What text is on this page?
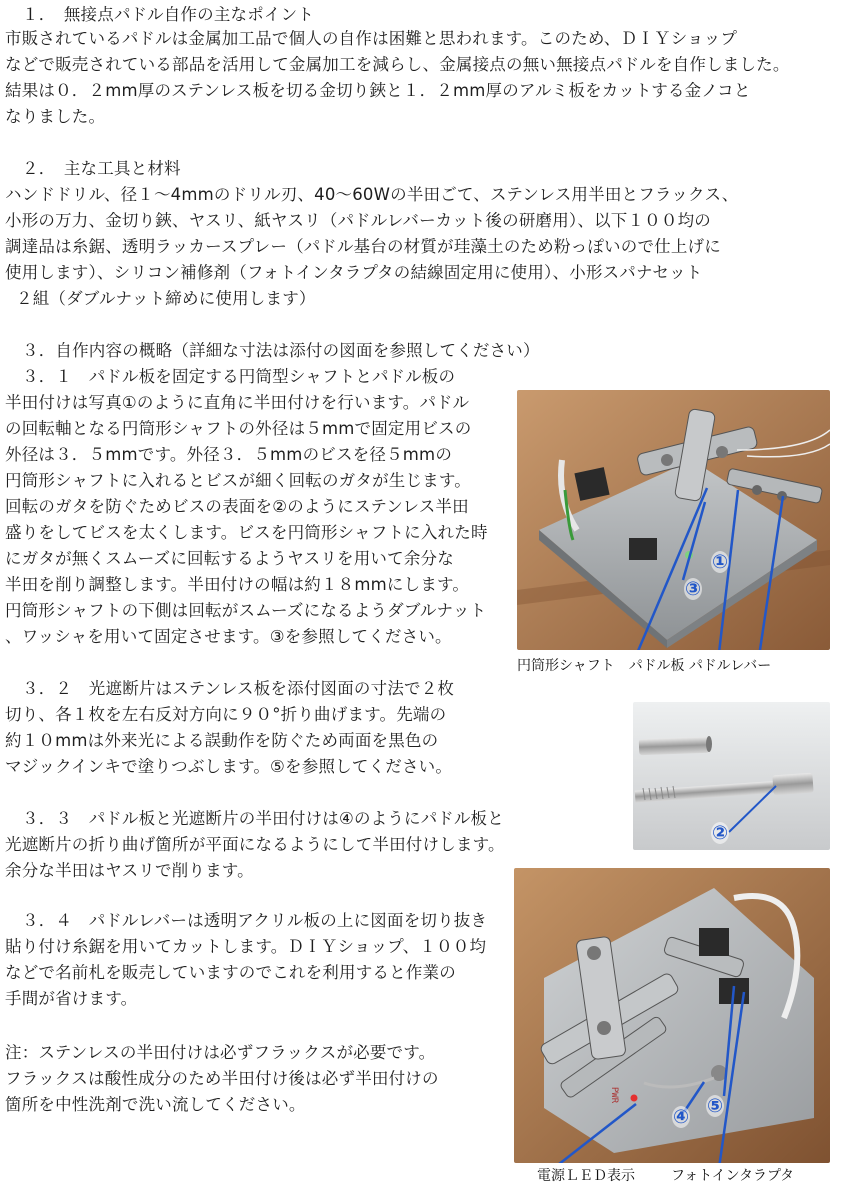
１．　無接点パドル自作の主なポイント
市販されているパドルは金属加工品で個人の自作は困難と思われます。このため、ＤＩＹショップ
などで販売されている部品を活用して金属加工を減らし、金属接点の無い無接点パドルを自作しました。
結果は０．２mm厚のステンレス板を切る金切り鋏と１．２mm厚のアルミ板をカットする金ノコと
なりました。
２．　主な工具と材料
ハンドドリル、径１～4mmのドリル刃、40～60Wの半田ごて、ステンレス用半田とフラックス、
小形の万力、金切り鋏、ヤスリ、紙ヤスリ（パドルレバーカット後の研磨用）、以下１００均の
調達品は糸鋸、透明ラッカースプレー（パドル基台の材質が珪藻土のため粉っぽいので仕上げに
使用します）、シリコン補修剤（フォトインタラプタの結線固定用に使用）、小形スパナセット
２組（ダブルナット締めに使用します）
３．自作内容の概略（詳細な寸法は添付の図面を参照してください）
３．１　パドル板を固定する円筒型シャフトとパドル板の
半田付けは写真①のように直角に半田付けを行います。パドル
の回転軸となる円筒形シャフトの外径は５mmで固定用ビスの
外径は３．５mmです。外径３．５mmのビスを径５mmの
円筒形シャフトに入れるとビスが細く回転のガタが生じます。
回転のガタを防ぐためビスの表面を②のようにステンレス半田
盛りをしてビスを太くします。ビスを円筒形シャフトに入れた時
にガタが無くスムーズに回転するようヤスリを用いて余分な
半田を削り調整します。半田付けの幅は約１８mmにします。
円筒形シャフトの下側は回転がスムーズになるようダブルナット
、ワッシャを用いて固定させます。③を参照してください。
３．２　光遮断片はステンレス板を添付図面の寸法で２枚
切り、各１枚を左右反対方向に９０°折り曲げます。先端の
約１０mmは外来光による誤動作を防ぐため両面を黒色の
マジックインキで塗りつぶします。⑤を参照してください。
３．３　パドル板と光遮断片の半田付けは④のようにパドル板と
光遮断片の折り曲げ箇所が平面になるようにして半田付けします。
余分な半田はヤスリで削ります。
３．４　パドルレバーは透明アクリル板の上に図面を切り抜き
貼り付け糸鋸を用いてカットします。ＤＩＹショップ、１００均
などで名前札を販売していますのでこれを利用すると作業の
手間が省けます。
注：ステンレスの半田付けは必ずフラックスが必要です。
フラックスは酸性成分のため半田付け後は必ず半田付けの
箇所を中性洗剤で洗い流してください。
①
③
円筒形シャフト　パドル板 パドルレバー
②
PWR
④ ⑤
電源ＬＥＤ表示	フォトインタラプタ
